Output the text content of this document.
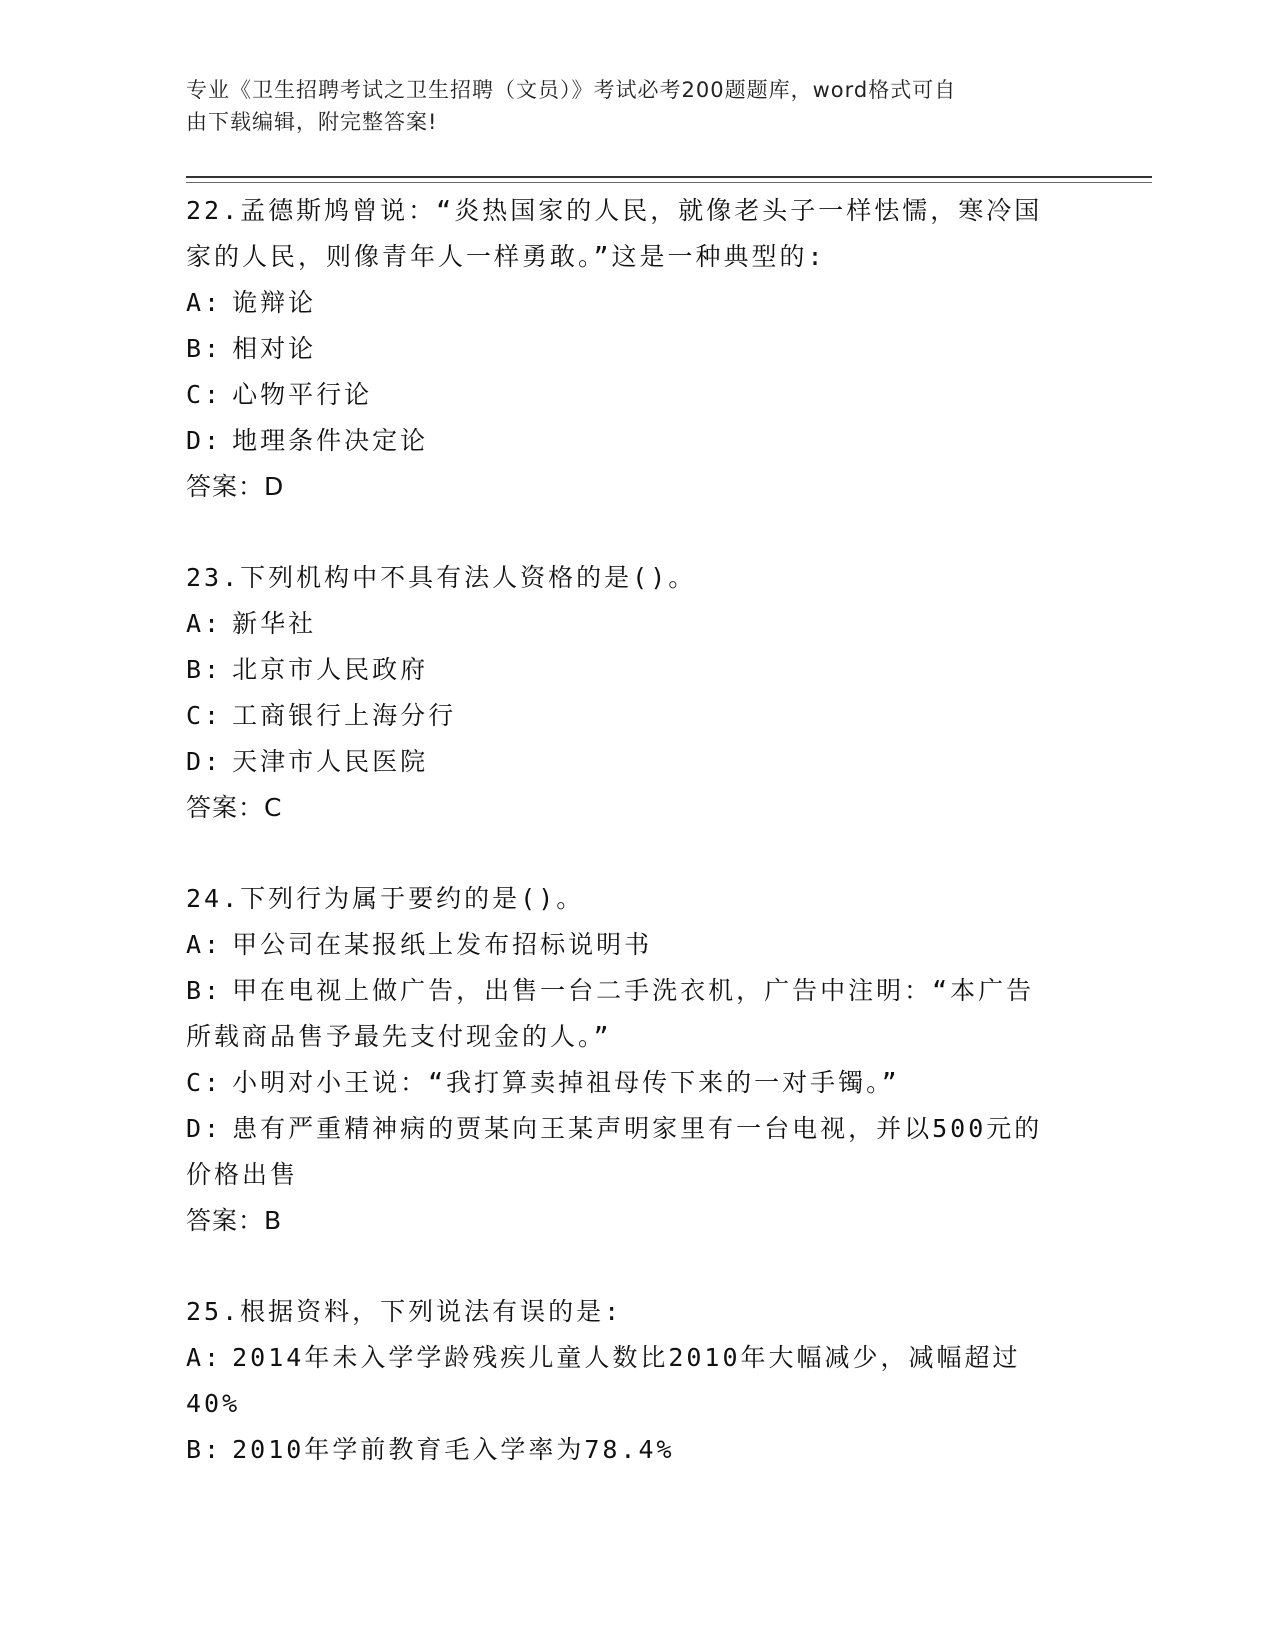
专业《卫生招聘考试之卫生招聘（文员）》考试必考200题题库，word格式可自
由下载编辑，附完整答案!
22.孟德斯鸠曾说：“炎热国家的人民，就像老头子一样怯懦，寒冷国
家的人民，则像青年人一样勇敢。”这是一种典型的:
A: 诡辩论
B: 相对论
C: 心物平行论
D: 地理条件决定论
答案：D
23.下列机构中不具有法人资格的是()。
A: 新华社
B: 北京市人民政府
C: 工商银行上海分行
D: 天津市人民医院
答案：C
24.下列行为属于要约的是()。
A: 甲公司在某报纸上发布招标说明书
B: 甲在电视上做广告，出售一台二手洗衣机，广告中注明：“本广告
所载商品售予最先支付现金的人。”
C: 小明对小王说：“我打算卖掉祖母传下来的一对手镯。”
D: 患有严重精神病的贾某向王某声明家里有一台电视，并以500元的
价格出售
答案：B
25.根据资料，下列说法有误的是:
A: 2014年未入学学龄残疾儿童人数比2010年大幅减少，减幅超过
40%
B: 2010年学前教育毛入学率为78.4%
